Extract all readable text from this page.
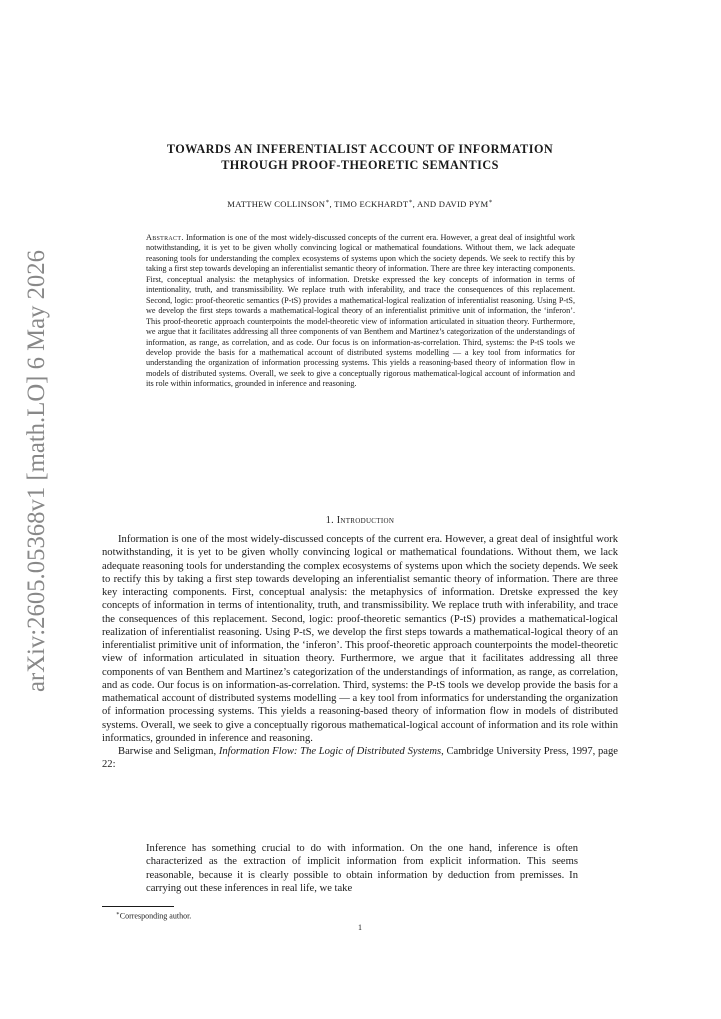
arXiv:2605.05368v1 [math.LO] 6 May 2026
TOWARDS AN INFERENTIALIST ACCOUNT OF INFORMATION
THROUGH PROOF-THEORETIC SEMANTICS
MATTHEW COLLINSON∗, TIMO ECKHARDT∗, AND DAVID PYM∗
Abstract. Information is one of the most widely-discussed concepts of the current era. However, a great deal of insightful work notwithstanding, it is yet to be given wholly convincing logical or mathematical foundations. Without them, we lack adequate reasoning tools for understanding the complex ecosystems of systems upon which the society depends. We seek to rectify this by taking a first step towards developing an inferentialist semantic theory of information. There are three key interacting components. First, conceptual analysis: the metaphysics of information. Dretske expressed the key concepts of information in terms of intentionality, truth, and transmissibility. We replace truth with inferability, and trace the consequences of this replacement. Second, logic: proof-theoretic semantics (P-tS) provides a mathematical-logical realization of inferentialist reasoning. Using P-tS, we develop the first steps towards a mathematical-logical theory of an inferentialist primitive unit of information, the ‘inferon’. This proof-theoretic approach counterpoints the model-theoretic view of information articulated in situation theory. Furthermore, we argue that it facilitates addressing all three components of van Benthem and Martinez’s categorization of the understandings of information, as range, as correlation, and as code. Our focus is on information-as-correlation. Third, systems: the P-tS tools we develop provide the basis for a mathematical account of distributed systems modelling — a key tool from informatics for understanding the organization of information processing systems. This yields a reasoning-based theory of information flow in models of distributed systems. Overall, we seek to give a conceptually rigorous mathematical-logical account of information and its role within informatics, grounded in inference and reasoning.
1. Introduction

Information is one of the most widely-discussed concepts of the current era. However, a great deal of insightful work notwithstanding, it is yet to be given wholly convincing logical or mathematical foundations. Without them, we lack adequate reasoning tools for understanding the complex ecosystems of systems upon which the society depends. We seek to rectify this by taking a first step towards developing an inferentialist semantic theory of information. There are three key interacting components. First, conceptual analysis: the metaphysics of information. Dretske expressed the key concepts of information in terms of intentionality, truth, and transmissibility. We replace truth with inferability, and trace the consequences of this replacement. Second, logic: proof-theoretic semantics (P-tS) provides a mathematical-logical realization of inferentialist reasoning. Using P-tS, we develop the first steps towards a mathematical-logical theory of an inferentialist primitive unit of information, the ‘inferon’. This proof-theoretic approach counterpoints the model-theoretic view of information articulated in situation theory. Furthermore, we argue that it facilitates addressing all three components of van Benthem and Martinez’s categorization of the understandings of information, as range, as correlation, and as code. Our focus is on information-as-correlation. Third, systems: the P-tS tools we develop provide the basis for a mathematical account of distributed systems modelling — a key tool from informatics for understanding the organization of information processing systems. This yields a reasoning-based theory of information flow in models of distributed systems. Overall, we seek to give a conceptually rigorous mathematical-logical account of information and its role within informatics, grounded in inference and reasoning.

Barwise and Seligman, Information Flow: The Logic of Distributed Systems, Cambridge University Press, 1997, page 22:

Inference has something crucial to do with information. On the one hand, inference is often characterized as the extraction of implicit information from explicit information. This seems reasonable, because it is clearly possible to obtain information by deduction from premisses. In carrying out these inferences in real life, we take

∗Corresponding author.
1
